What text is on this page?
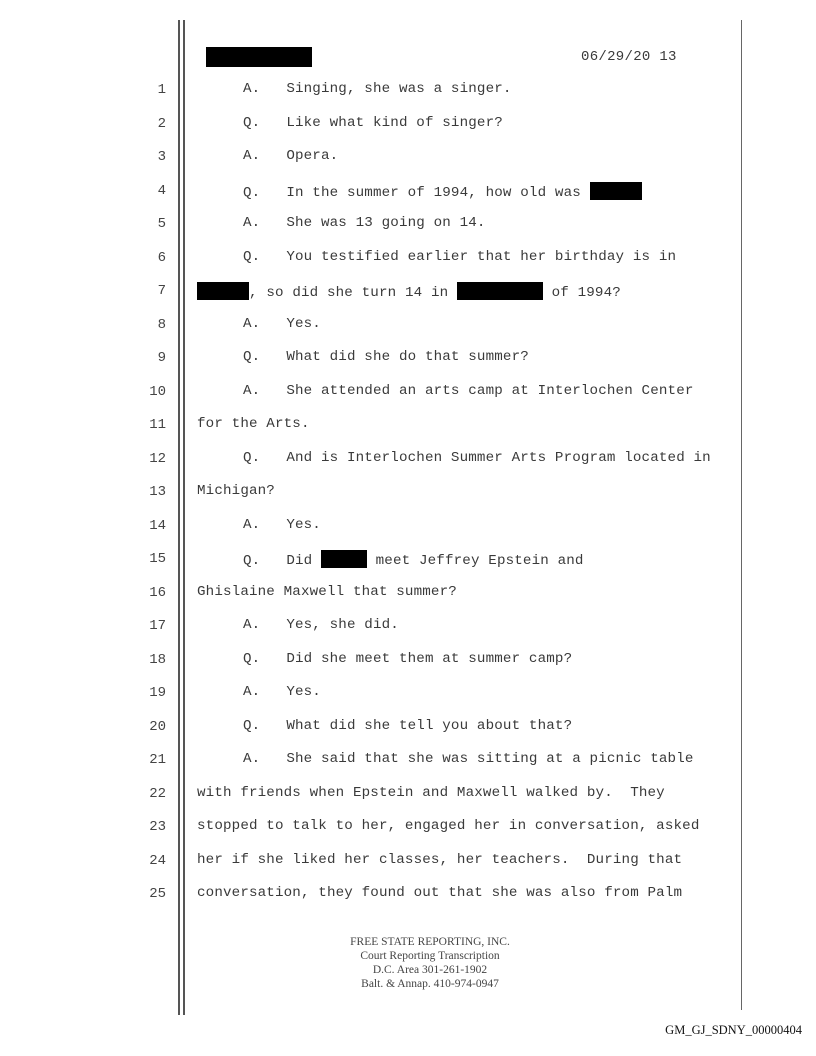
06/29/20 13
1	A.   Singing, she was a singer.
2	Q.   Like what kind of singer?
3	A.   Opera.
4	Q.   In the summer of 1994, how old was
5	A.   She was 13 going on 14.
6	Q.   You testified earlier that her birthday is in
7	, so did she turn 14 in	of 1994?
8	A.   Yes.
9	Q.   What did she do that summer?
10	A.   She attended an arts camp at Interlochen Center
11 for the Arts.
12	Q.   And is Interlochen Summer Arts Program located in
13 Michigan?
14	A.   Yes.
15	Q.   Did	meet Jeffrey Epstein and
16 Ghislaine Maxwell that summer?
17	A.   Yes, she did.
18	Q.   Did she meet them at summer camp?
19	A.   Yes.
20	Q.   What did she tell you about that?
21	A.   She said that she was sitting at a picnic table
22 with friends when Epstein and Maxwell walked by.  They
23 stopped to talk to her, engaged her in conversation, asked
24 her if she liked her classes, her teachers.  During that
25 conversation, they found out that she was also from Palm
FREE STATE REPORTING, INC.
Court Reporting Transcription
D.C. Area 301-261-1902
Balt. & Annap. 410-974-0947
GM_GJ_SDNY_00000404
